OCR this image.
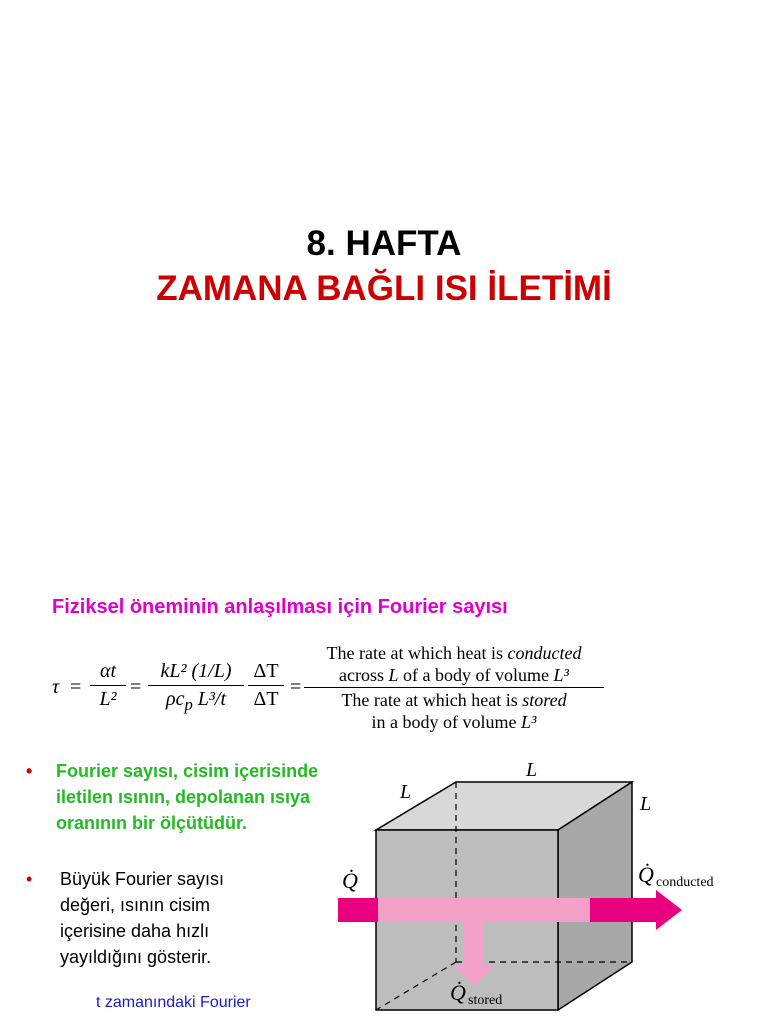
8. HAFTA
ZAMANA BAĞLI ISI İLETİMİ
Fiziksel öneminin anlaşılması için Fourier sayısı
τ =
αt
L²
=
kL² (1/L)
$\rho c_p$ L³/t
ΔT
ΔT
=
The rate at which heat is conducted
across L of a body of volume L³
The rate at which heat is stored
in a body of volume L³
• Fourier sayısı, cisim içerisinde iletilen ısının, depolanan ısıya oranının bir ölçütüdür.
• Büyük Fourier sayısı değeri, ısının cisim içerisine daha hızlı yayıldığını gösterir.
t zamanındaki Fourier
L
L
L
Q̇	Q̇ conducted
Q̇ stored
